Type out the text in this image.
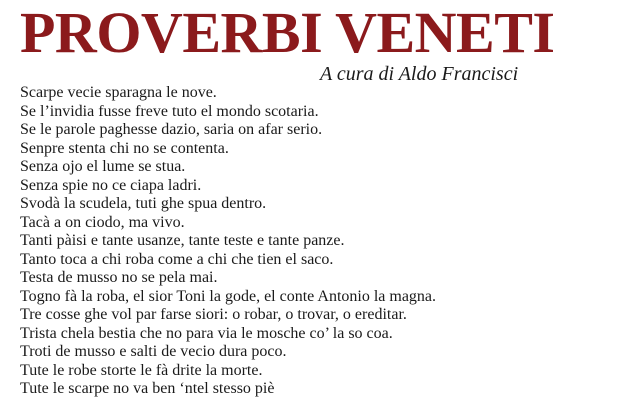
PROVERBI VENETI
A cura di Aldo Francisci
Scarpe vecie sparagna le nove.
Se l’invidia fusse freve tuto el mondo scotaria.
Se le parole paghesse dazio, saria on afar serio.
Senpre stenta chi no se contenta.
Senza ojo el lume se stua.
Senza spie no ce ciapa ladri.
Svodà la scudela, tuti ghe spua dentro.
Tacà a on ciodo, ma vivo.
Tanti pàisi e tante usanze, tante teste e tante panze.
Tanto toca a chi roba come a chi che tien el saco.
Testa de musso no se pela mai.
Togno fà la roba, el sior Toni la gode, el conte Antonio la magna.
Tre cosse ghe vol par farse siori: o robar, o trovar, o ereditar.
Trista chela bestia che no para via le mosche co’ la so coa.
Troti de musso e salti de vecio dura poco.
Tute le robe storte le fà drite la morte.
Tute le scarpe no va ben ‘ntel stesso piè
